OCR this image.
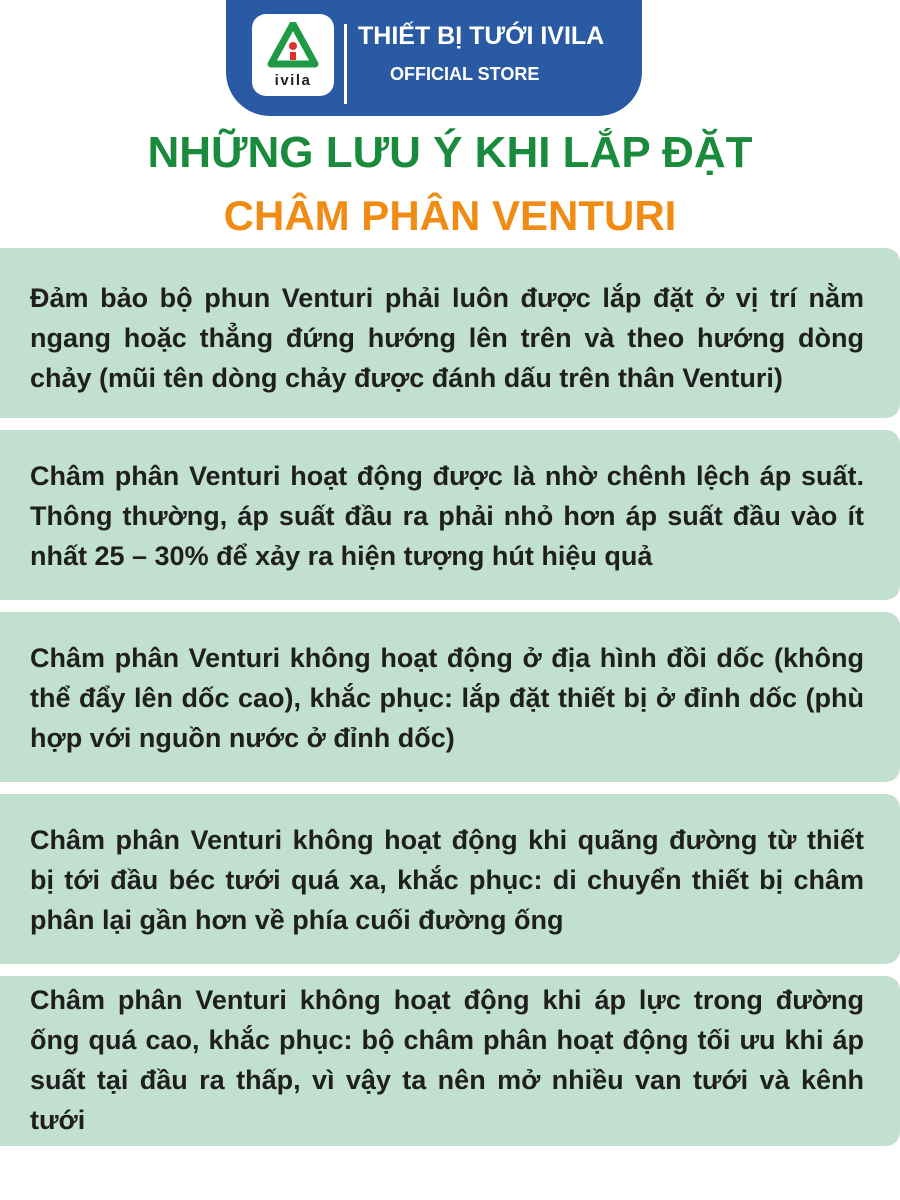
ivila
THIẾT BỊ TƯỚI IVILA
OFFICIAL STORE
NHỮNG LƯU Ý KHI LẮP ĐẶT
CHÂM PHÂN VENTURI

Đảm bảo bộ phun Venturi phải luôn được lắp đặt ở vị trí nằm ngang hoặc thẳng đứng hướng lên trên và theo hướng dòng chảy (mũi tên dòng chảy được đánh dấu trên thân Venturi)

Châm phân Venturi hoạt động được là nhờ chênh lệch áp suất. Thông thường, áp suất đầu ra phải nhỏ hơn áp suất đầu vào ít nhất 25 – 30% để xảy ra hiện tượng hút hiệu quả

Châm phân Venturi không hoạt động ở địa hình đồi dốc (không thể đẩy lên dốc cao), khắc phục: lắp đặt thiết bị ở đỉnh dốc (phù hợp với nguồn nước ở đỉnh dốc)

Châm phân Venturi không hoạt động khi quãng đường từ thiết bị tới đầu béc tưới quá xa, khắc phục: di chuyển thiết bị châm phân lại gần hơn về phía cuối đường ống

Châm phân Venturi không hoạt động khi áp lực trong đường ống quá cao, khắc phục: bộ châm phân hoạt động tối ưu khi áp suất tại đầu ra thấp, vì vậy ta nên mở nhiều van tưới và kênh tưới
